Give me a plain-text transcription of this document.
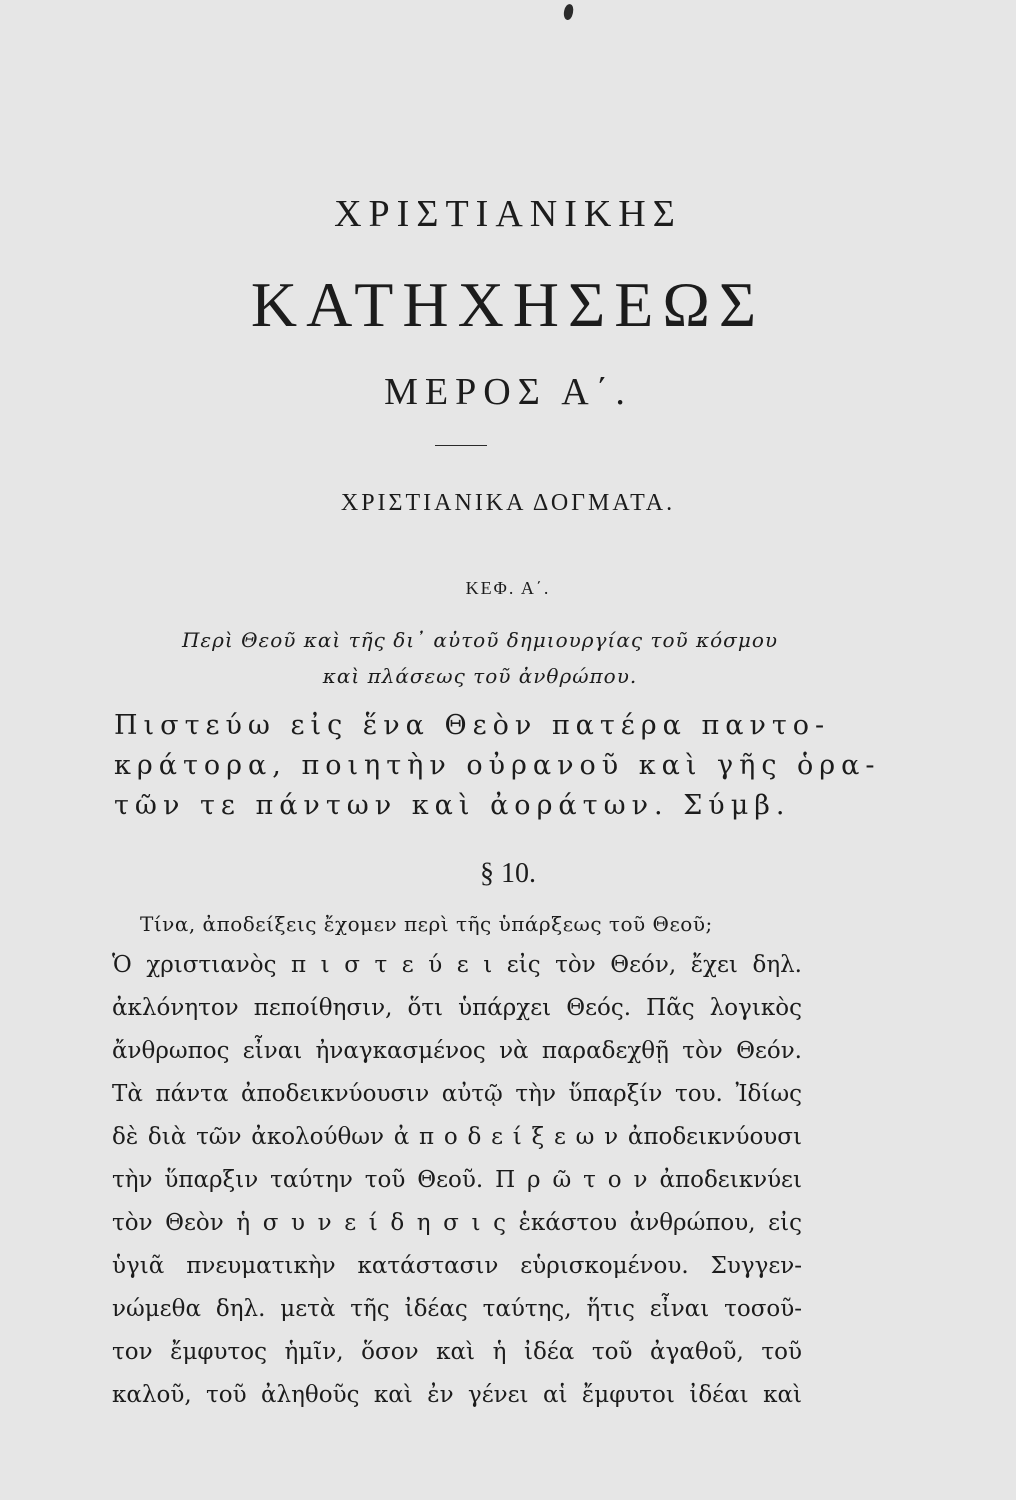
ΧΡΙΣΤΙΑΝΙΚΗΣ
ΚΑΤΗΧΗΣΕΩΣ
ΜΕΡΟΣ Α΄.
ΧΡΙΣΤΙΑΝΙΚΑ ΔΟΓΜΑΤΑ.
ΚΕΦ. Α΄.
Περὶ Θεοῦ καὶ τῆς δι᾽ αὐτοῦ δημιουργίας τοῦ κόσμου
καὶ πλάσεως τοῦ ἀνθρώπου.
Πιστεύω εἰς ἕνα Θεὸν πατέρα παντο-
κράτορα, ποιητὴν οὐρανοῦ καὶ γῆς ὁρα-
τῶν τε πάντων καὶ ἀοράτων. Σύμβ.
§ 10.
Τίνα, ἀποδείξεις ἔχομεν περὶ τῆς ὑπάρξεως τοῦ Θεοῦ;
Ὁ χριστιανὸς π ι σ τ ε ύ ε ι εἰς τὸν Θεόν, ἔχει δηλ.
ἀκλόνητον πεποίθησιν, ὅτι ὑπάρχει Θεός. Πᾶς λογικὸς
ἄνθρωπος εἶναι ἠναγκασμένος νὰ παραδεχθῇ τὸν Θεόν.
Τὰ πάντα ἀποδεικνύουσιν αὐτῷ τὴν ὕπαρξίν του. Ἰδίως
δὲ διὰ τῶν ἀκολούθων ἀ π ο δ ε ί ξ ε ω ν ἀποδεικνύουσι
τὴν ὕπαρξιν ταύτην τοῦ Θεοῦ. Π ρ ῶ τ ο ν ἀποδεικνύει
τὸν Θεὸν ἡ σ υ ν ε ί δ η σ ι ς ἑκάστου ἀνθρώπου, εἰς
ὑγιᾶ πνευματικὴν κατάστασιν εὑρισκομένου. Συγγεν-
νώμεθα δηλ. μετὰ τῆς ἰδέας ταύτης, ἥτις εἶναι τοσοῦ-
τον ἔμφυτος ἡμῖν, ὅσον καὶ ἡ ἰδέα τοῦ ἀγαθοῦ, τοῦ
καλοῦ, τοῦ ἀληθοῦς καὶ ἐν γένει αἱ ἔμφυτοι ἰδέαι καὶ
